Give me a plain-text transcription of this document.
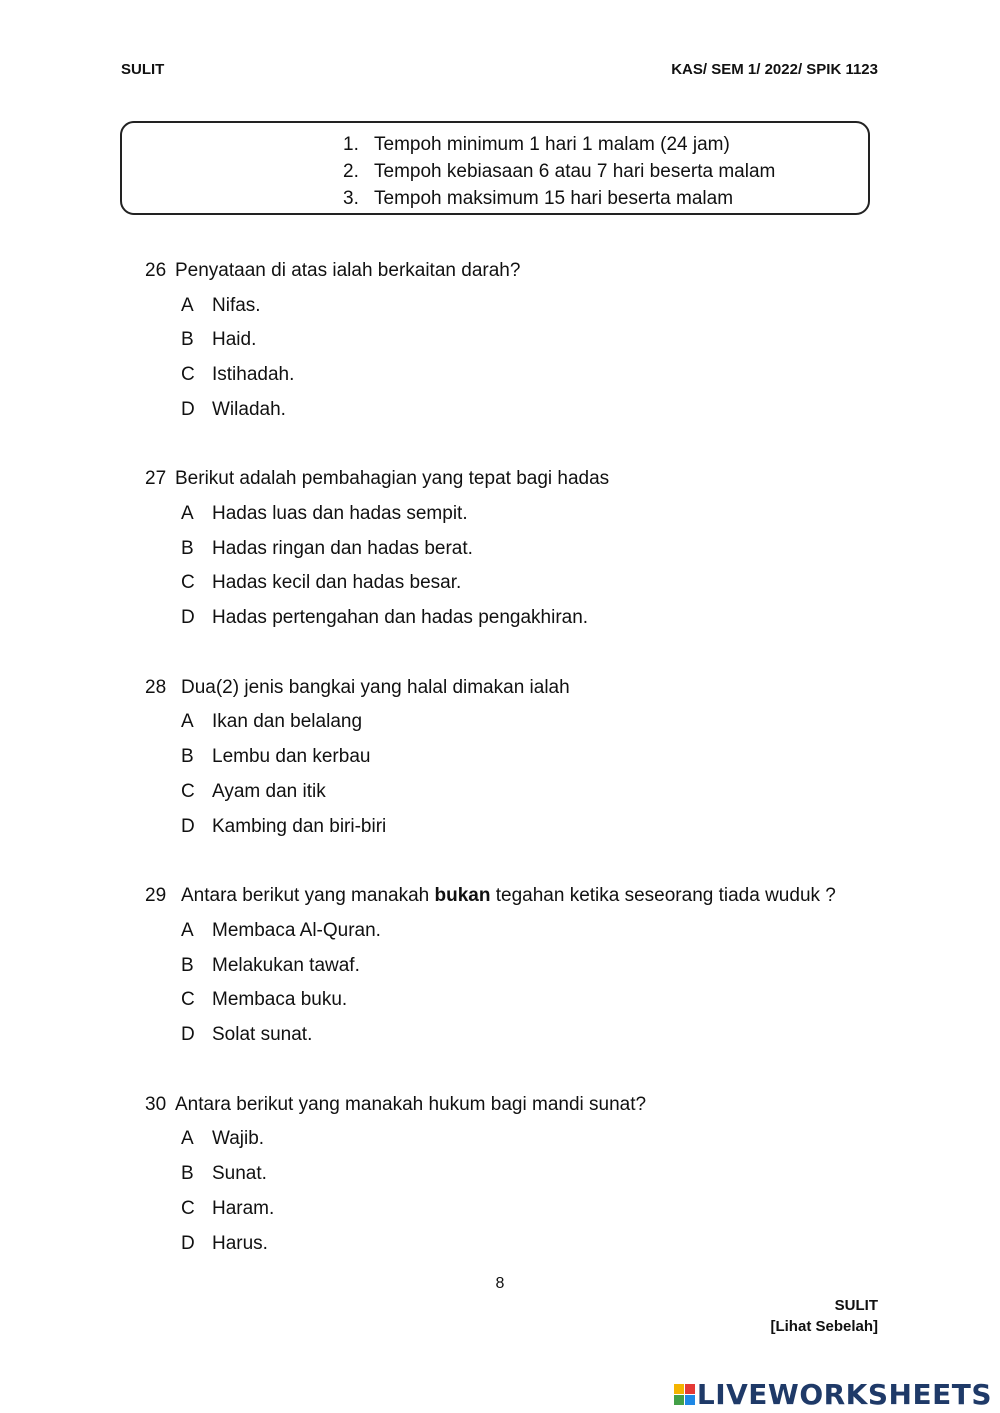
SULIT	KAS/ SEM 1/ 2022/ SPIK 1123
1. Tempoh minimum 1 hari 1 malam (24 jam)
2. Tempoh kebiasaan 6 atau 7 hari beserta malam
3. Tempoh maksimum 15 hari beserta malam
26 Penyataan di atas ialah berkaitan darah?
A Nifas.
B Haid.
C Istihadah.
D Wiladah.
27 Berikut adalah pembahagian yang tepat bagi hadas
A Hadas luas dan hadas sempit.
B Hadas ringan dan hadas berat.
C Hadas kecil dan hadas besar.
D Hadas pertengahan dan hadas pengakhiran.
28 Dua(2) jenis bangkai yang halal dimakan ialah
A Ikan dan belalang
B Lembu dan kerbau
C Ayam dan itik
D Kambing dan biri-biri
29 Antara berikut yang manakah bukan tegahan ketika seseorang tiada wuduk ?
A Membaca Al-Quran.
B Melakukan tawaf.
C Membaca buku.
D Solat sunat.
30 Antara berikut yang manakah hukum bagi mandi sunat?
A Wajib.
B Sunat.
C Haram.
D Harus.
8
SULIT
[Lihat Sebelah]
LIVEWORKSHEETS
